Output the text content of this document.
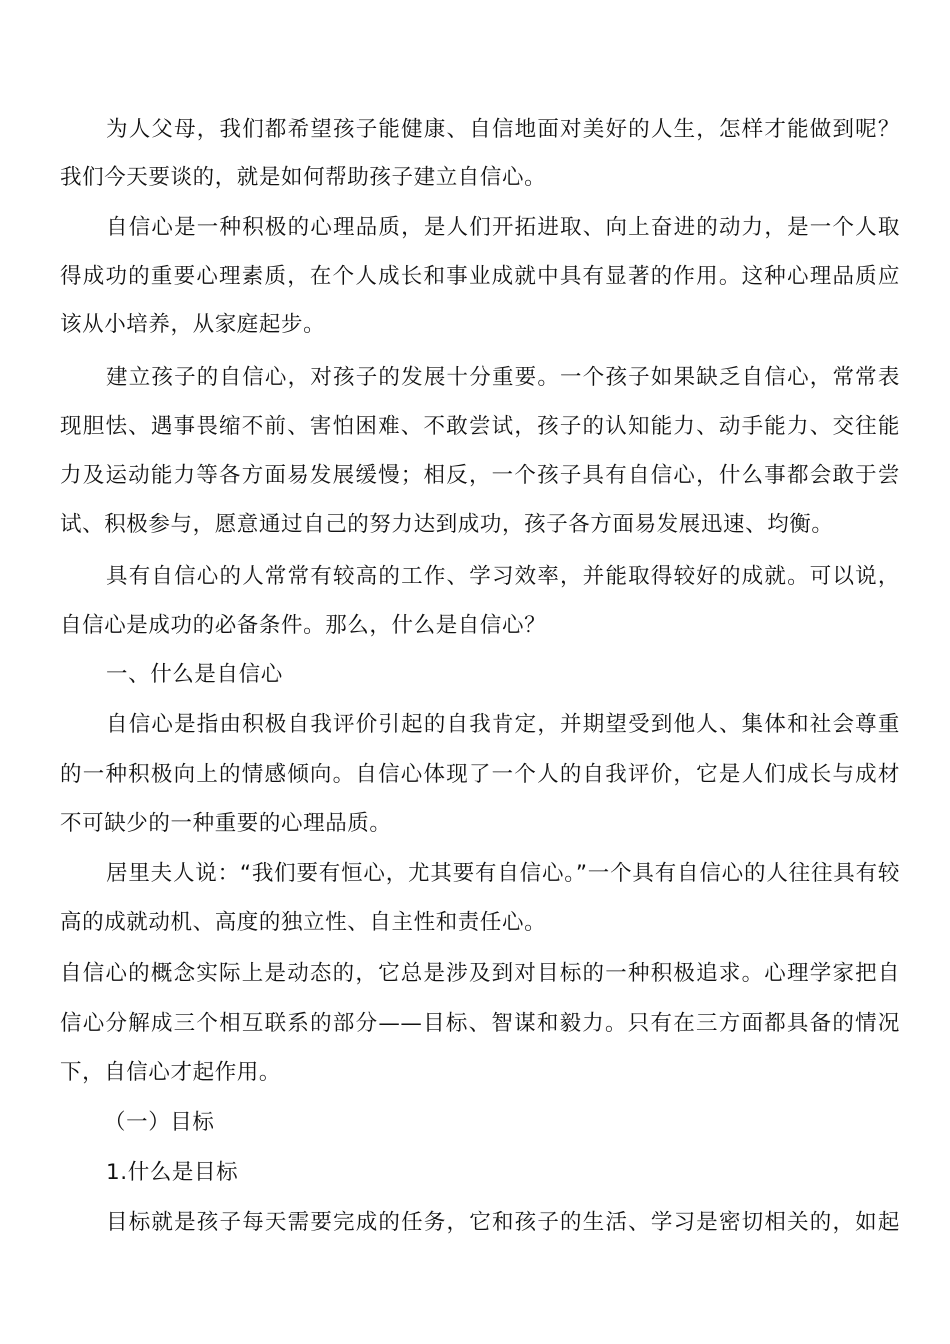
为人父母，我们都希望孩子能健康、自信地面对美好的人生，怎样才能做到呢？
我们今天要谈的，就是如何帮助孩子建立自信心。
自信心是一种积极的心理品质，是人们开拓进取、向上奋进的动力，是一个人取
得成功的重要心理素质，在个人成长和事业成就中具有显著的作用。这种心理品质应
该从小培养，从家庭起步。
建立孩子的自信心，对孩子的发展十分重要。一个孩子如果缺乏自信心，常常表
现胆怯、遇事畏缩不前、害怕困难、不敢尝试，孩子的认知能力、动手能力、交往能
力及运动能力等各方面易发展缓慢；相反，一个孩子具有自信心，什么事都会敢于尝
试、积极参与，愿意通过自己的努力达到成功，孩子各方面易发展迅速、均衡。
具有自信心的人常常有较高的工作、学习效率，并能取得较好的成就。可以说，
自信心是成功的必备条件。那么，什么是自信心？
一、什么是自信心
自信心是指由积极自我评价引起的自我肯定，并期望受到他人、集体和社会尊重
的一种积极向上的情感倾向。自信心体现了一个人的自我评价，它是人们成长与成材
不可缺少的一种重要的心理品质。
居里夫人说：“我们要有恒心，尤其要有自信心。”一个具有自信心的人往往具有较
高的成就动机、高度的独立性、自主性和责任心。
自信心的概念实际上是动态的，它总是涉及到对目标的一种积极追求。心理学家把自
信心分解成三个相互联系的部分——目标、智谋和毅力。只有在三方面都具备的情况
下，自信心才起作用。
（一）目标
1.什么是目标
目标就是孩子每天需要完成的任务，它和孩子的生活、学习是密切相关的，如起
